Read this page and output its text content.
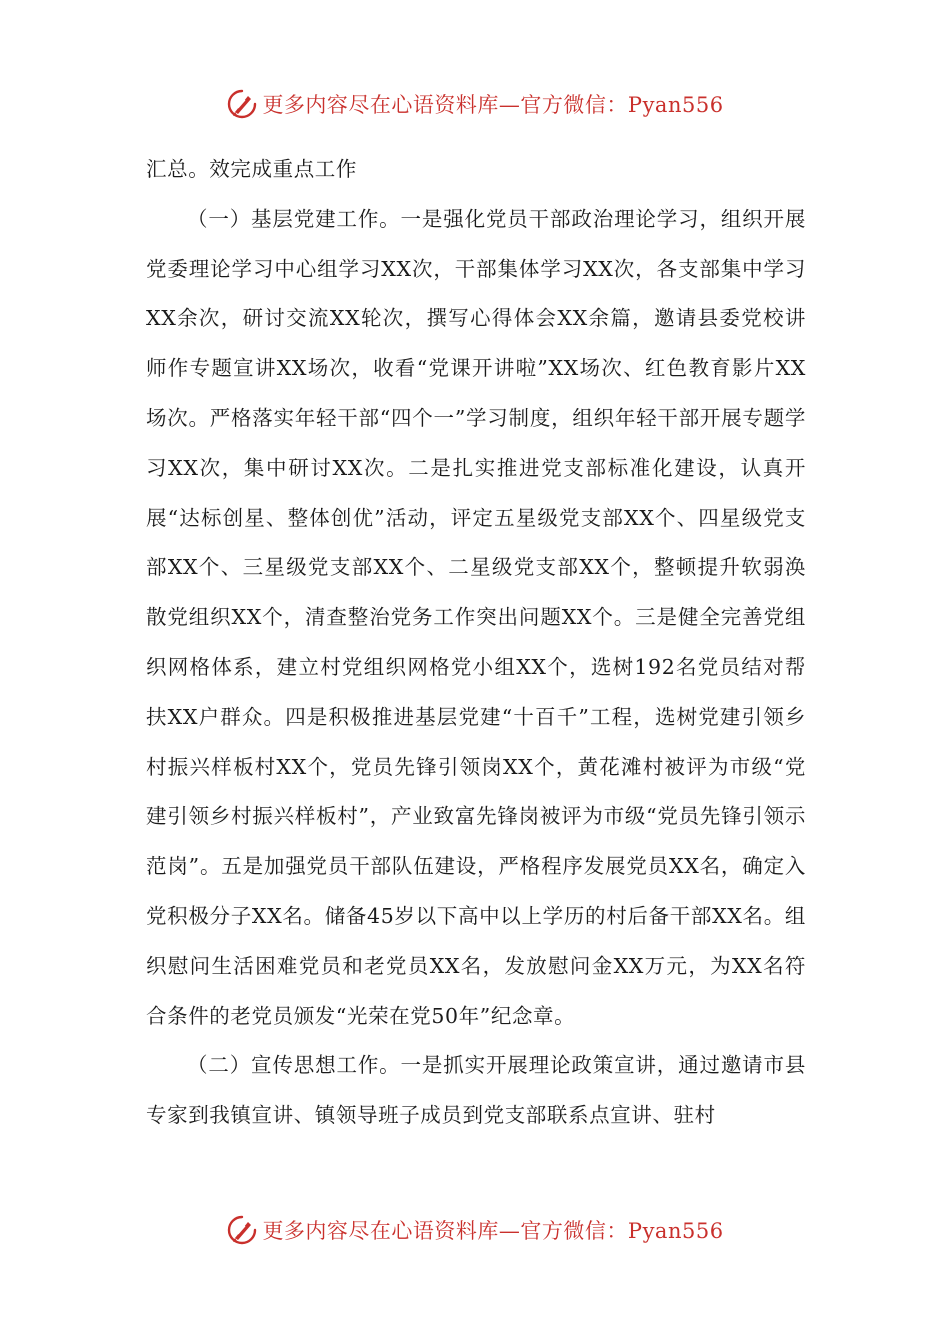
更多内容尽在心语资料库—官方微信：Pyan556

汇总。效完成重点工作

（一）基层党建工作。一是强化党员干部政治理论学习，组织开展党委理论学习中心组学习XX次，干部集体学习XX次，各支部集中学习XX余次，研讨交流XX轮次，撰写心得体会XX余篇，邀请县委党校讲师作专题宣讲XX场次，收看“党课开讲啦”XX场次、红色教育影片XX场次。严格落实年轻干部“四个一”学习制度，组织年轻干部开展专题学习XX次，集中研讨XX次。二是扎实推进党支部标准化建设，认真开展“达标创星、整体创优”活动，评定五星级党支部XX个、四星级党支部XX个、三星级党支部XX个、二星级党支部XX个，整顿提升软弱涣散党组织XX个，清查整治党务工作突出问题XX个。三是健全完善党组织网格体系，建立村党组织网格党小组XX个，选树192名党员结对帮扶XX户群众。四是积极推进基层党建“十百千”工程，选树党建引领乡村振兴样板村XX个，党员先锋引领岗XX个，黄花滩村被评为市级“党建引领乡村振兴样板村”，产业致富先锋岗被评为市级“党员先锋引领示范岗”。五是加强党员干部队伍建设，严格程序发展党员XX名，确定入党积极分子XX名。储备45岁以下高中以上学历的村后备干部XX名。组织慰问生活困难党员和老党员XX名，发放慰问金XX万元，为XX名符合条件的老党员颁发“光荣在党50年”纪念章。

（二）宣传思想工作。一是抓实开展理论政策宣讲，通过邀请市县专家到我镇宣讲、镇领导班子成员到党支部联系点宣讲、驻村

更多内容尽在心语资料库—官方微信：Pyan556
